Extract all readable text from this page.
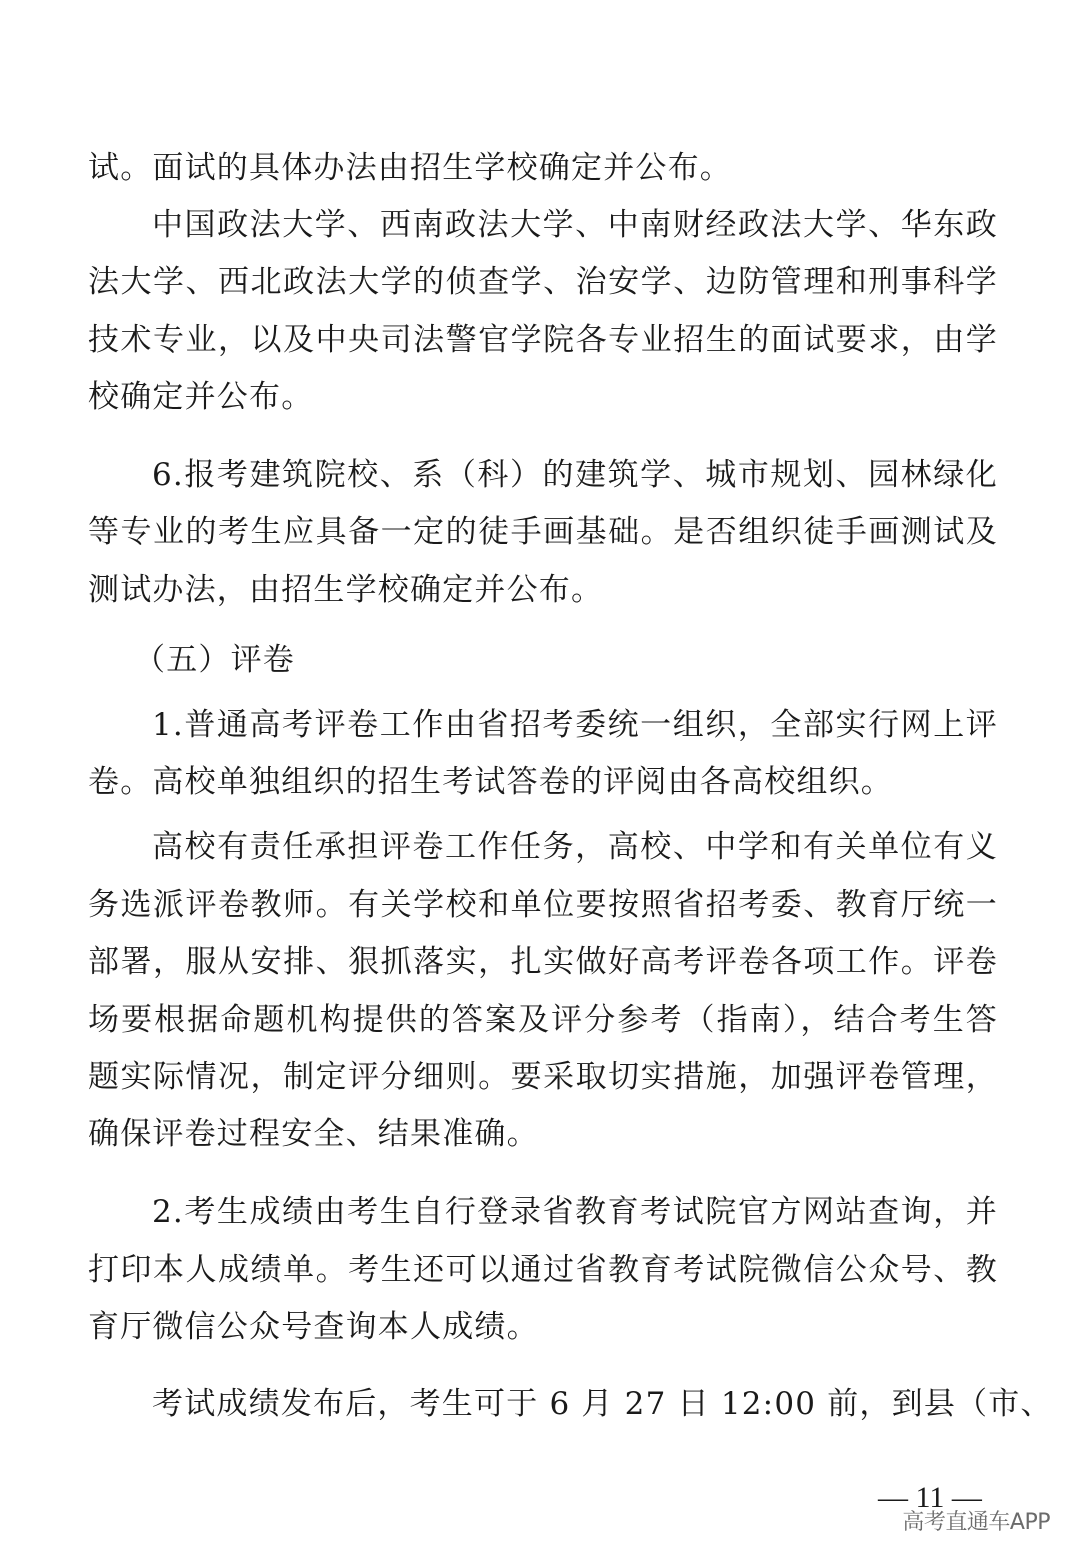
试。面试的具体办法由招生学校确定并公布。
中国政法大学、西南政法大学、中南财经政法大学、华东政
法大学、西北政法大学的侦查学、治安学、边防管理和刑事科学
技术专业，以及中央司法警官学院各专业招生的面试要求，由学
校确定并公布。
6.报考建筑院校、系（科）的建筑学、城市规划、园林绿化
等专业的考生应具备一定的徒手画基础。是否组织徒手画测试及
测试办法，由招生学校确定并公布。
（五）评卷
1.普通高考评卷工作由省招考委统一组织，全部实行网上评
卷。高校单独组织的招生考试答卷的评阅由各高校组织。
高校有责任承担评卷工作任务，高校、中学和有关单位有义
务选派评卷教师。有关学校和单位要按照省招考委、教育厅统一
部署，服从安排、狠抓落实，扎实做好高考评卷各项工作。评卷
场要根据命题机构提供的答案及评分参考（指南），结合考生答
题实际情况，制定评分细则。要采取切实措施，加强评卷管理，
确保评卷过程安全、结果准确。
2.考生成绩由考生自行登录省教育考试院官方网站查询，并
打印本人成绩单。考生还可以通过省教育考试院微信公众号、教
育厅微信公众号查询本人成绩。
考试成绩发布后，考生可于 6 月 27 日 12:00 前，到县（市、
— 11 —
高考直通车APP
